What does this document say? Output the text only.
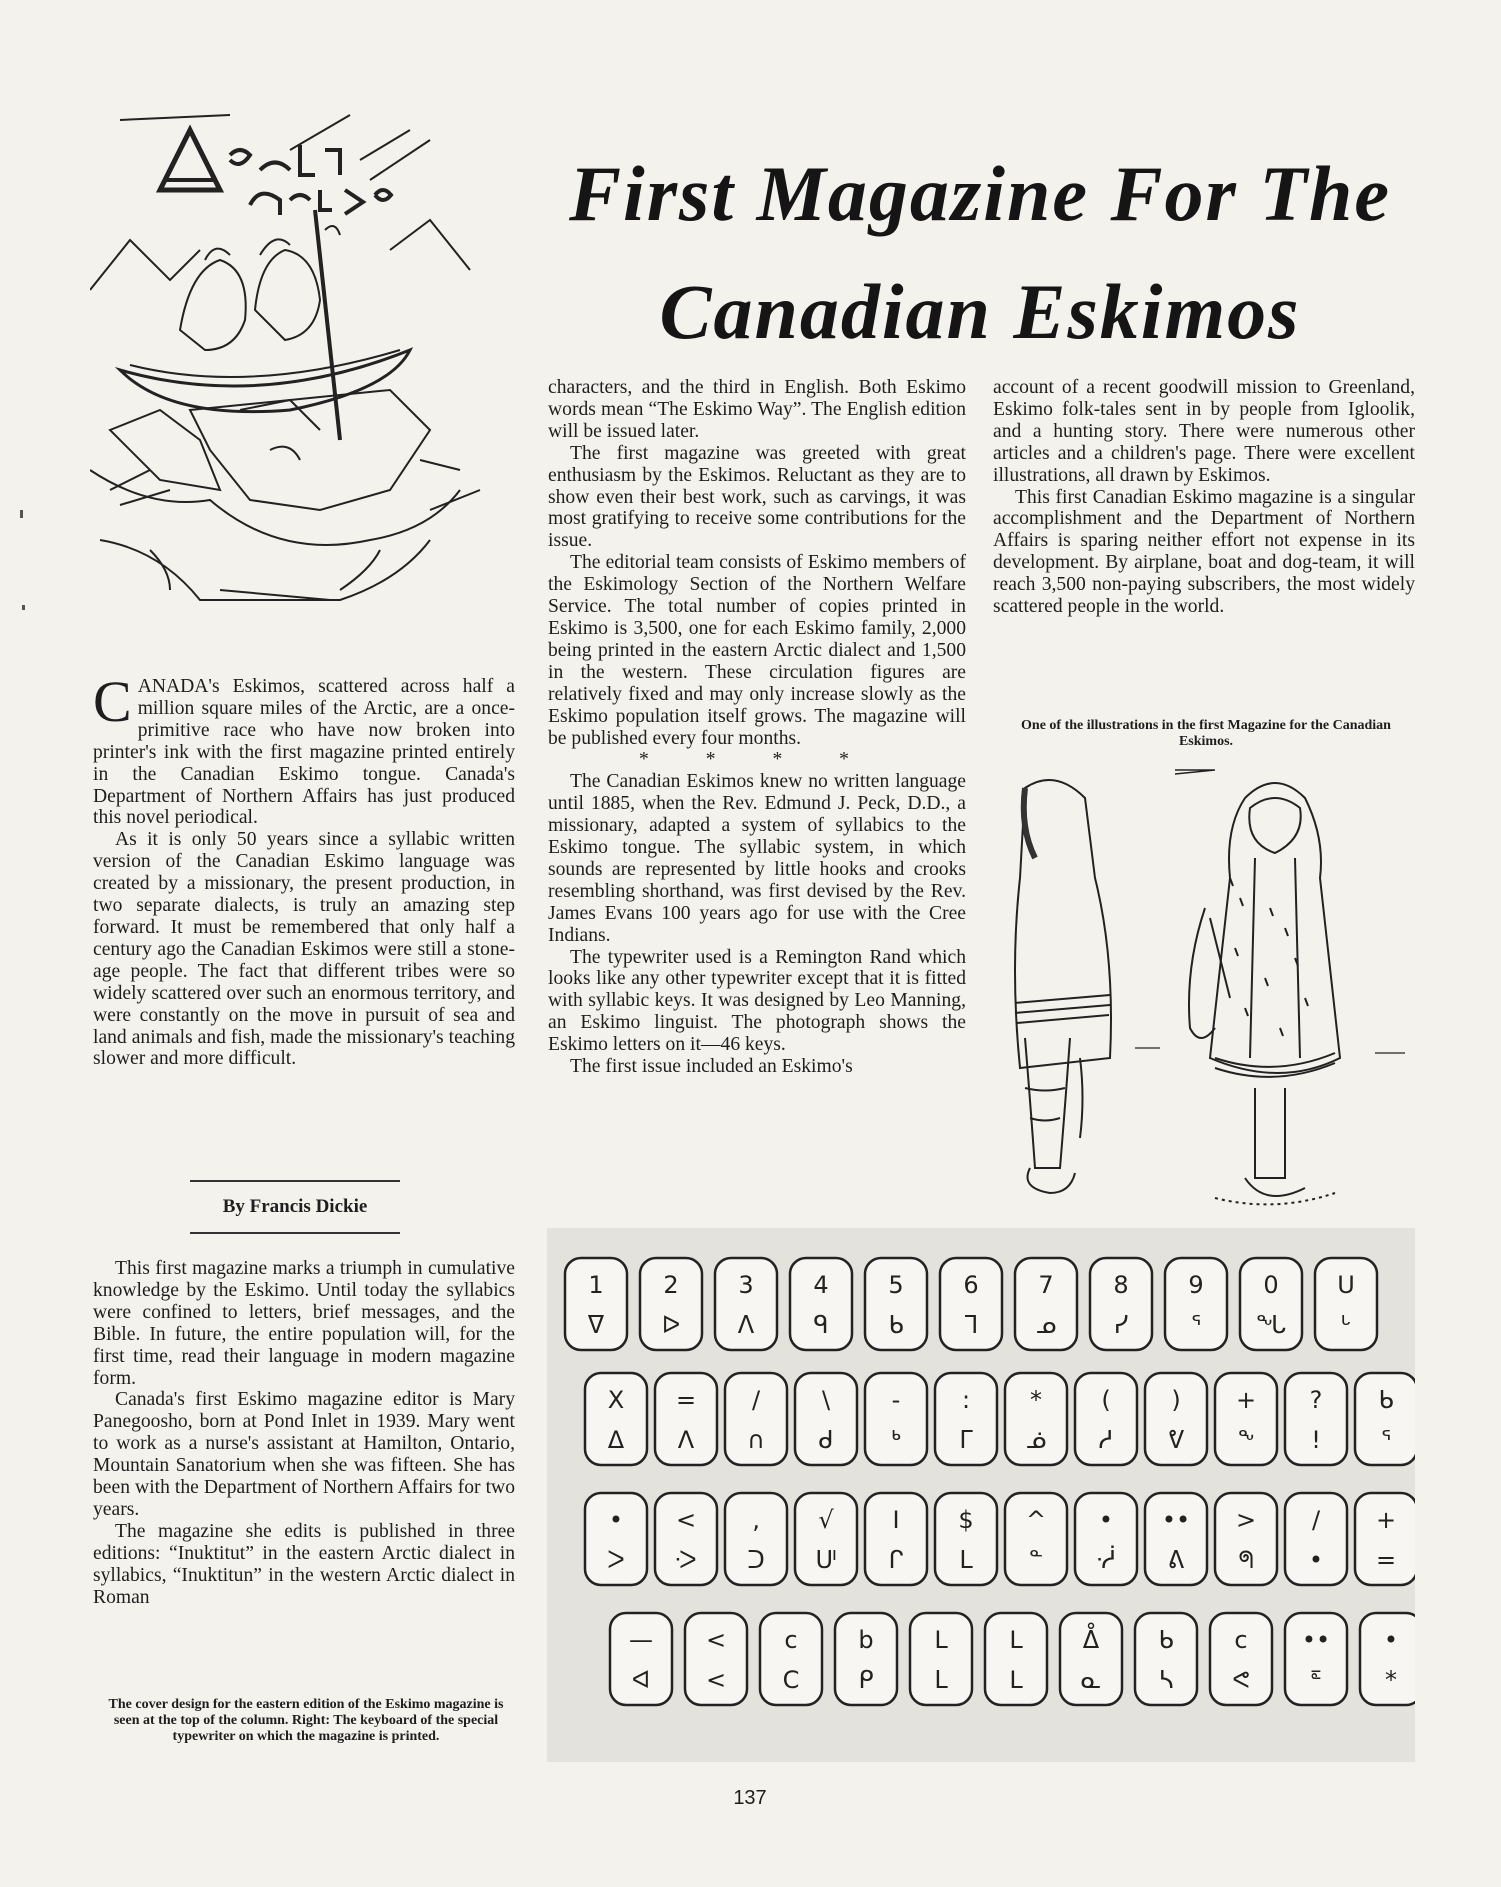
First Magazine For The
Canadian Eskimos

CANADA's Eskimos, scattered across half a million square miles of the Arctic, are a once-primitive race who have now broken into printer's ink with the first magazine printed entirely in the Canadian Eskimo tongue. Canada's Department of Northern Affairs has just produced this novel periodical.

As it is only 50 years since a syllabic written version of the Canadian Eskimo language was created by a missionary, the present production, in two separate dialects, is truly an amazing step forward. It must be remembered that only half a century ago the Canadian Eskimos were still a stone-age people. The fact that different tribes were so widely scattered over such an enormous territory, and were constantly on the move in pursuit of sea and land animals and fish, made the missionary's teaching slower and more difficult.

By Francis Dickie

This first magazine marks a triumph in cumulative knowledge by the Eskimo. Until today the syllabics were confined to letters, brief messages, and the Bible. In future, the entire population will, for the first time, read their language in modern magazine form.

Canada's first Eskimo magazine editor is Mary Panegoosho, born at Pond Inlet in 1939. Mary went to work as a nurse's assistant at Hamilton, Ontario, Mountain Sanatorium when she was fifteen. She has been with the Department of Northern Affairs for two years.

The magazine she edits is published in three editions: “Inuktitut” in the eastern Arctic dialect in syllabics, “Inuktitun” in the western Arctic dialect in Roman

The cover design for the eastern edition of the Eskimo magazine is seen at the top of the column. Right: The keyboard of the special typewriter on which the magazine is printed.

characters, and the third in English. Both Eskimo words mean “The Eskimo Way”. The English edition will be issued later.

The first magazine was greeted with great enthusiasm by the Eskimos. Reluctant as they are to show even their best work, such as carvings, it was most gratifying to receive some contributions for the issue.

The editorial team consists of Eskimo members of the Eskimology Section of the Northern Welfare Service. The total number of copies printed in Eskimo is 3,500, one for each Eskimo family, 2,000 being printed in the eastern Arctic dialect and 1,500 in the western. These circulation figures are relatively fixed and may only increase slowly as the Eskimo population itself grows. The magazine will be published every four months.

* * * *

The Canadian Eskimos knew no written language until 1885, when the Rev. Edmund J. Peck, D.D., a missionary, adapted a system of syllabics to the Eskimo tongue. The syllabic system, in which sounds are represented by little hooks and crooks resembling shorthand, was first devised by the Rev. James Evans 100 years ago for use with the Cree Indians.

The typewriter used is a Remington Rand which looks like any other typewriter except that it is fitted with syllabic keys. It was designed by Leo Manning, an Eskimo linguist. The photograph shows the Eskimo letters on it—46 keys.

The first issue included an Eskimo's

account of a recent goodwill mission to Greenland, Eskimo folk-tales sent in by people from Igloolik, and a hunting story. There were numerous other articles and a children's page. There were excellent illustrations, all drawn by Eskimos.

This first Canadian Eskimo magazine is a singular accomplishment and the Department of Northern Affairs is sparing neither effort not expense in its development. By airplane, boat and dog-team, it will reach 3,500 non-paying subscribers, the most widely scattered people in the world.

One of the illustrations in the first Magazine for the Canadian Eskimos.
1
ᐁ
2
ᐅ
3
ᐱ
4
ᑫ
5
ᑲ
6
ᒣ
7
ᓄ
8
ᓯ
9
ᕐ
0
ᖓ
U
ᒡ
X
Δ
=
Λ
/
∩
\
ᑯ
-
ᒃ
:
ᒥ
*
ᓅ
(
ᓱ
)
ᕓ
+
ᖕ
?
!
ᑲ
ᕐ
•
ᐳ
<
ᑀ
‚
ᑐ
√
ᑧ
I
ᒋ
$
ᒪ
^
ᓐ
•
ᓾ
••
ᕕ
>
ᖗ
/
•
+
=
—
ᐊ
<
<
c
C
b
ᑭ
L
ᒪ
L
L
ᐂ
ᓇ
ᑲ
ᓴ
c
ᕙ
••
ᖟ
•
*
137
